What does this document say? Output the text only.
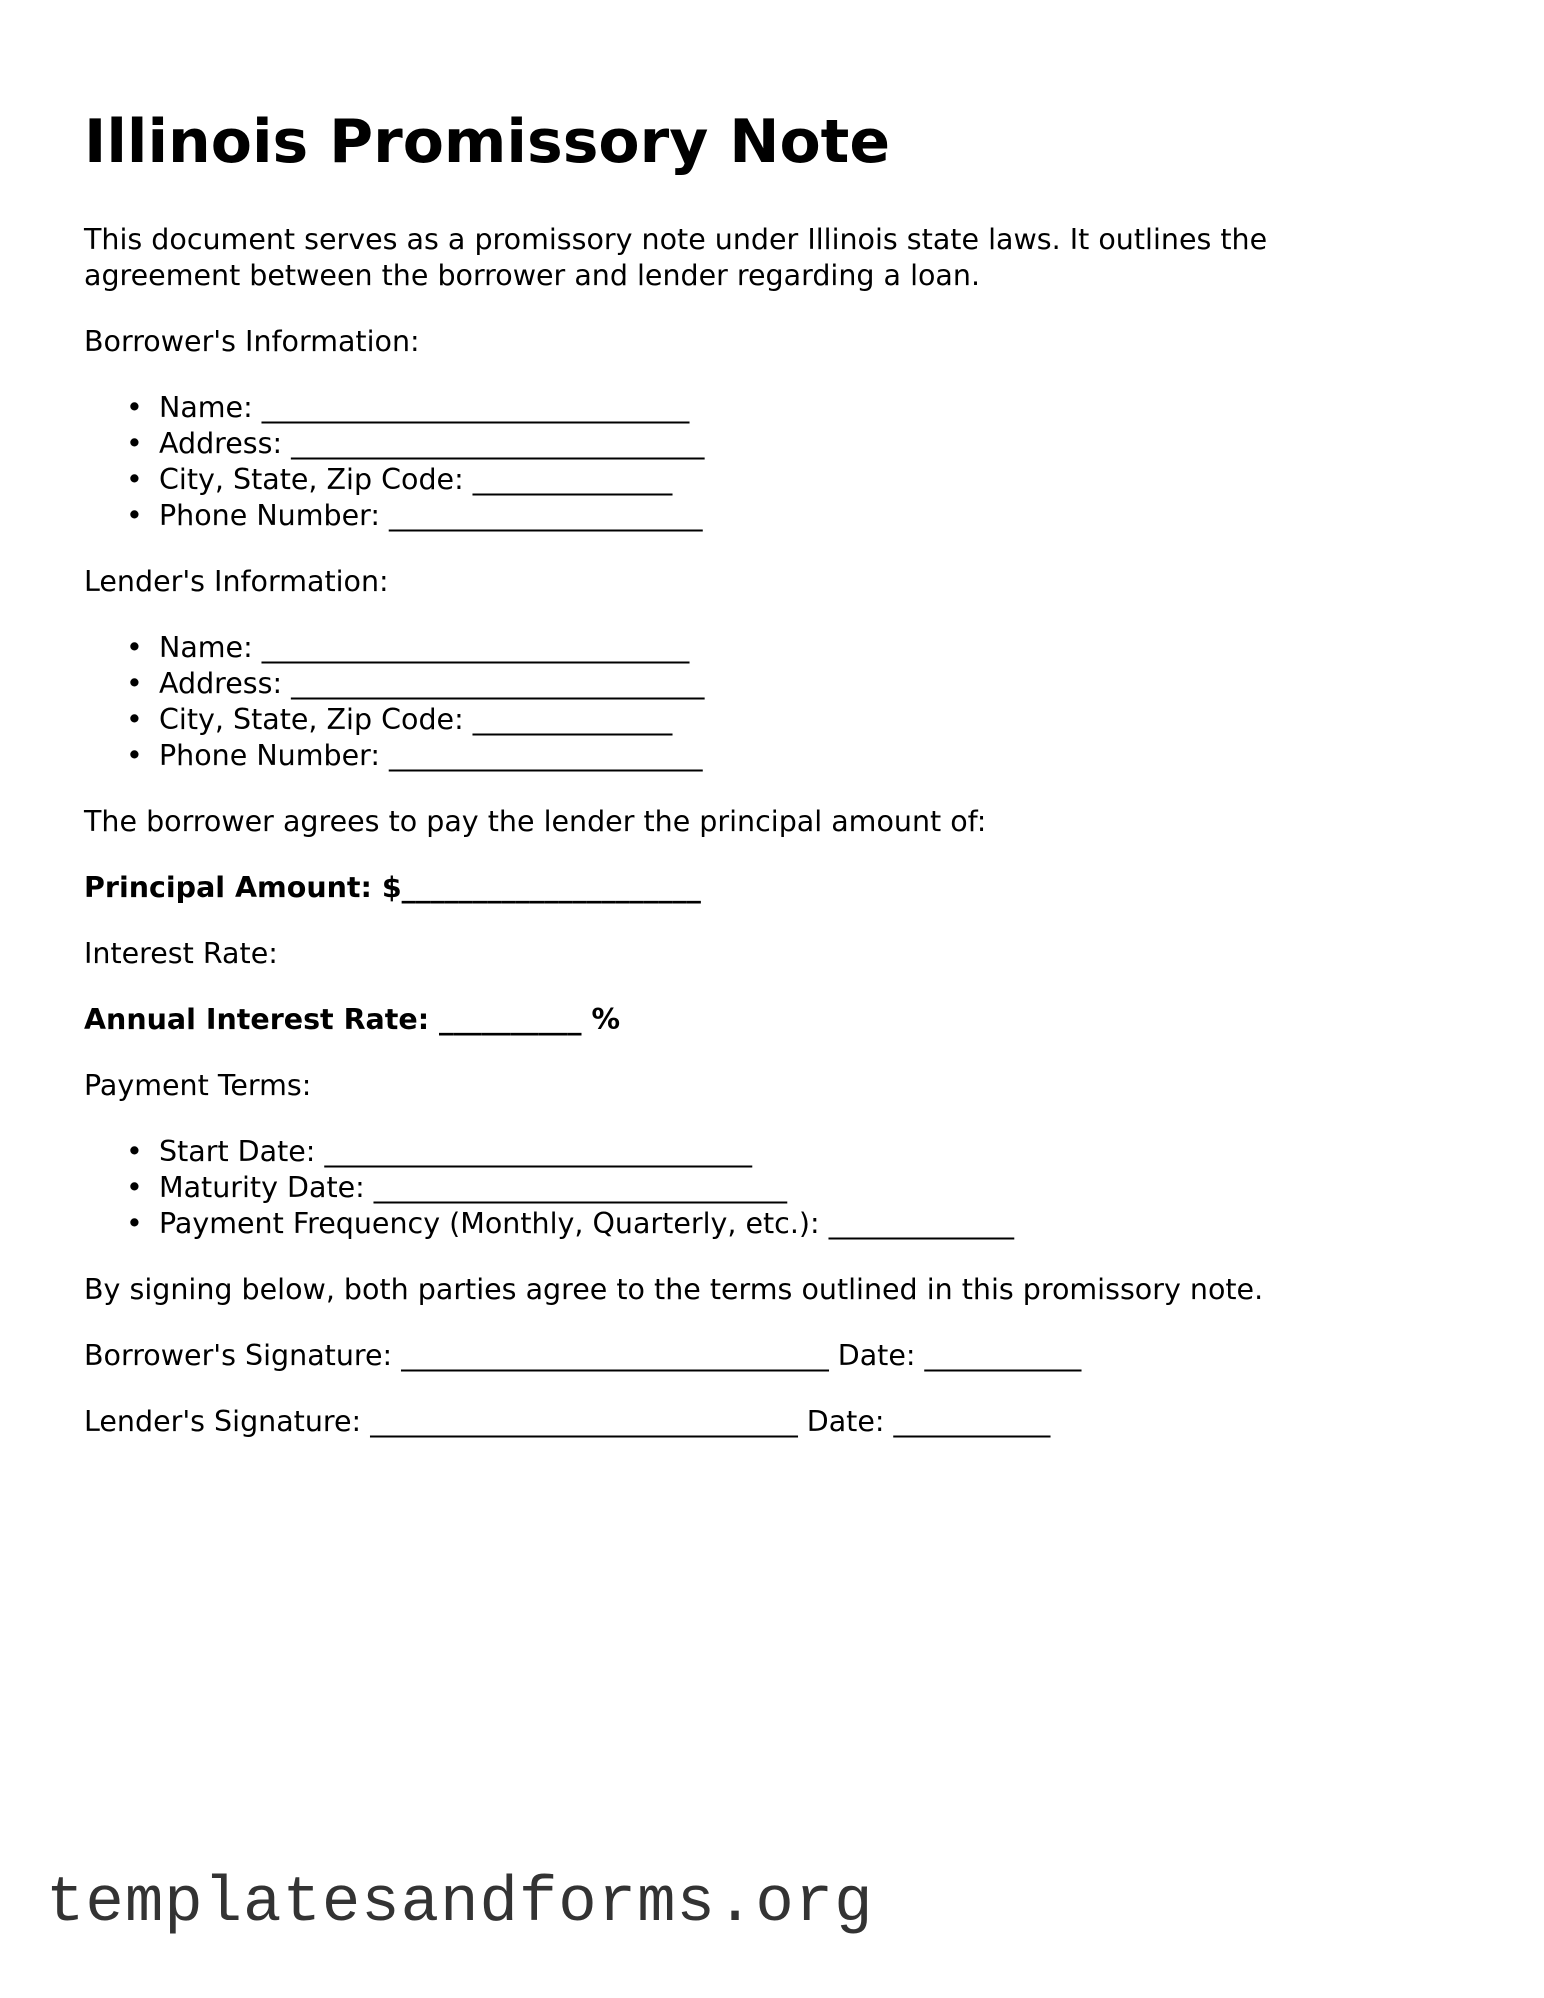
Illinois Promissory Note

This document serves as a promissory note under Illinois state laws. It outlines the agreement between the borrower and lender regarding a loan.

Borrower's Information:

• Name: ______________________________
• Address: _____________________________
• City, State, Zip Code: ______________
• Phone Number: ______________________

Lender's Information:

• Name: ______________________________
• Address: _____________________________
• City, State, Zip Code: ______________
• Phone Number: ______________________

The borrower agrees to pay the lender the principal amount of:

Principal Amount: $_____________________

Interest Rate:

Annual Interest Rate: __________ %

Payment Terms:

• Start Date: ______________________________
• Maturity Date: _____________________________
• Payment Frequency (Monthly, Quarterly, etc.): _____________

By signing below, both parties agree to the terms outlined in this promissory note.

Borrower's Signature: ______________________________ Date: ___________

Lender's Signature: ______________________________ Date: ___________

templatesandforms.org
